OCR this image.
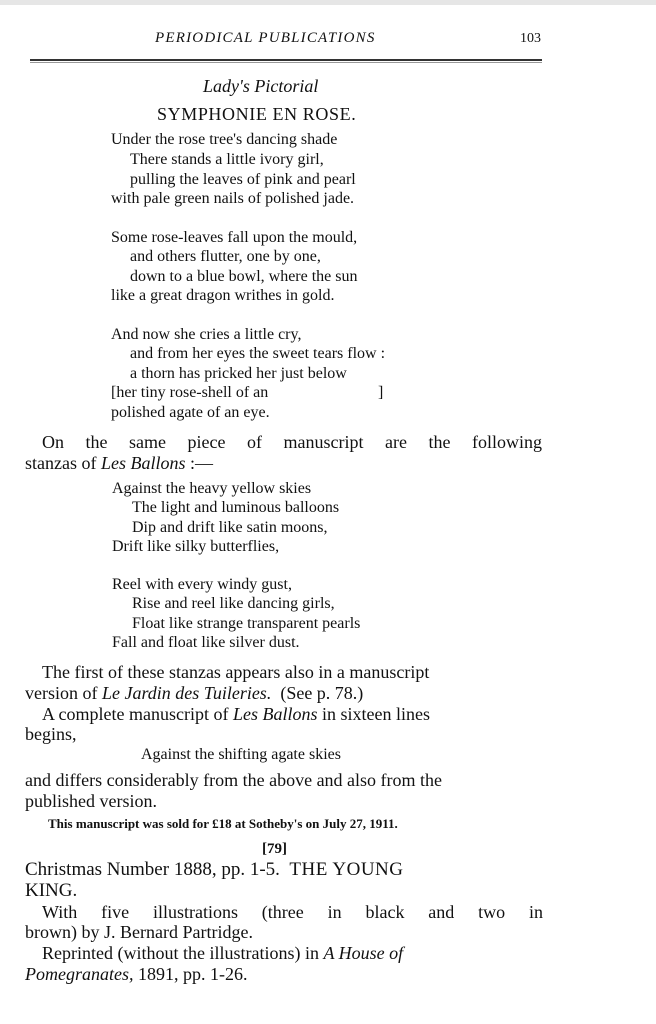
PERIODICAL PUBLICATIONS	103
Lady's Pictorial
SYMPHONIE EN ROSE.
Under the rose tree's dancing shade
There stands a little ivory girl,
pulling the leaves of pink and pearl
with pale green nails of polished jade.
Some rose-leaves fall upon the mould,
and others flutter, one by one,
down to a blue bowl, where the sun
like a great dragon writhes in gold.
And now she cries a little cry,
and from her eyes the sweet tears flow :
a thorn has pricked her just below
[her tiny rose-shell of an	]
polished agate of an eye.
On the same piece of manuscript are the following
stanzas of Les Ballons :—
Against the heavy yellow skies
The light and luminous balloons
Dip and drift like satin moons,
Drift like silky butterflies,
Reel with every windy gust,
Rise and reel like dancing girls,
Float like strange transparent pearls
Fall and float like silver dust.
The first of these stanzas appears also in a manuscript
version of Le Jardin des Tuileries.  (See p. 78.)
A complete manuscript of Les Ballons in sixteen lines
begins,
Against the shifting agate skies
and differs considerably from the above and also from the
published version.
This manuscript was sold for £18 at Sotheby's on July 27, 1911.
[79]
Christmas Number 1888, pp. 1-5.  THE YOUNG
KING.
With five illustrations (three in black and two in
brown) by J. Bernard Partridge.
Reprinted (without the illustrations) in A House of
Pomegranates, 1891, pp. 1-26.
